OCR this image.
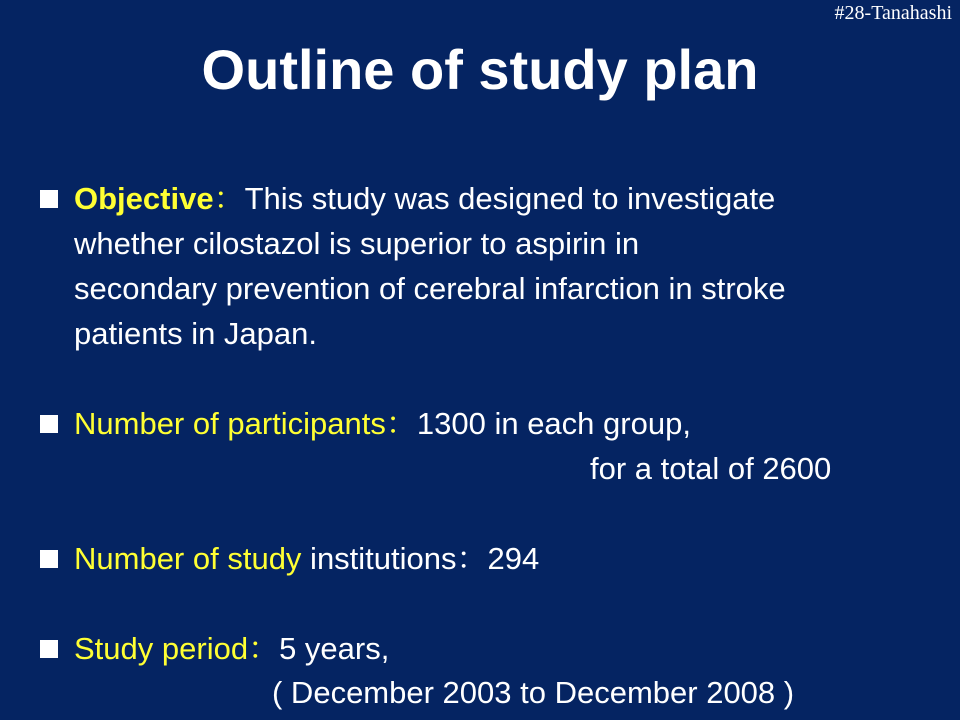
#28-Tanahashi
Outline of study plan
Objective：This study was designed to investigate
whether cilostazol is superior to aspirin in
secondary prevention of cerebral infarction in stroke
patients in Japan.
Number of participants：1300 in each group,
for a total of 2600
Number of study institutions：294
Study period：5 years,
( December 2003 to December 2008 )
